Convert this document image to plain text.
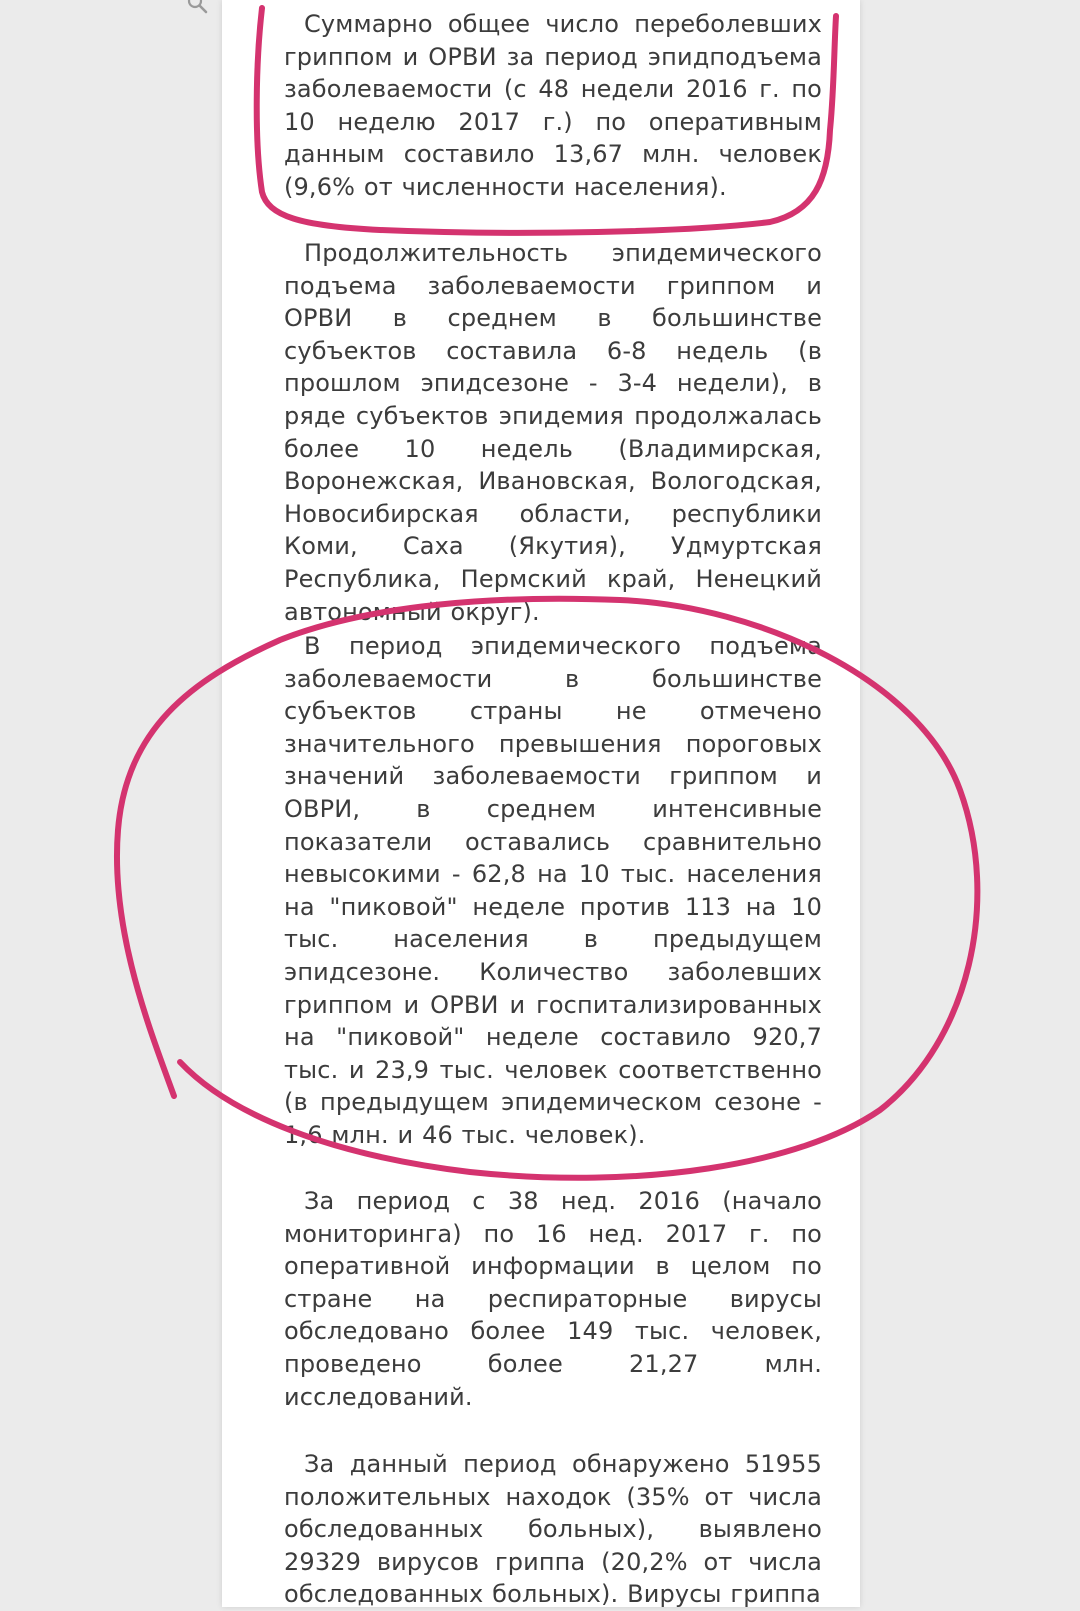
Суммарно общее число переболевших гриппом и ОРВИ за период эпидподъема заболеваемости (с 48 недели 2016 г. по 10 неделю 2017 г.) по оперативным данным составило 13,67 млн. человек (9,6% от численности населения).

Продолжительность эпидемического подъема заболеваемости гриппом и ОРВИ в среднем в большинстве субъектов составила 6-8 недель (в прошлом эпидсезоне - 3-4 недели), в ряде субъектов эпидемия продолжалась более 10 недель (Владимирская, Воронежская, Ивановская, Вологодская, Новосибирская области, республики Коми, Саха (Якутия), Удмуртская Республика, Пермский край, Ненецкий автономный округ).

В период эпидемического подъема заболеваемости в большинстве субъектов страны не отмечено значительного превышения пороговых значений заболеваемости гриппом и ОВРИ, в среднем интенсивные показатели оставались сравнительно невысокими - 62,8 на 10 тыс. населения на "пиковой" неделе против 113 на 10 тыс. населения в предыдущем эпидсезоне. Количество заболевших гриппом и ОРВИ и госпитализированных на "пиковой" неделе составило 920,7 тыс. и 23,9 тыс. человек соответственно (в предыдущем эпидемическом сезоне - 1,6 млн. и 46 тыс. человек).

За период с 38 нед. 2016 (начало мониторинга) по 16 нед. 2017 г. по оперативной информации в целом по стране на респираторные вирусы обследовано более 149 тыс. человек, проведено более 21,27 млн. исследований.

За данный период обнаружено 51955 положительных находок (35% от числа обследованных больных), выявлено 29329 вирусов гриппа (20,2% от числа обследованных больных). Вирусы гриппа
